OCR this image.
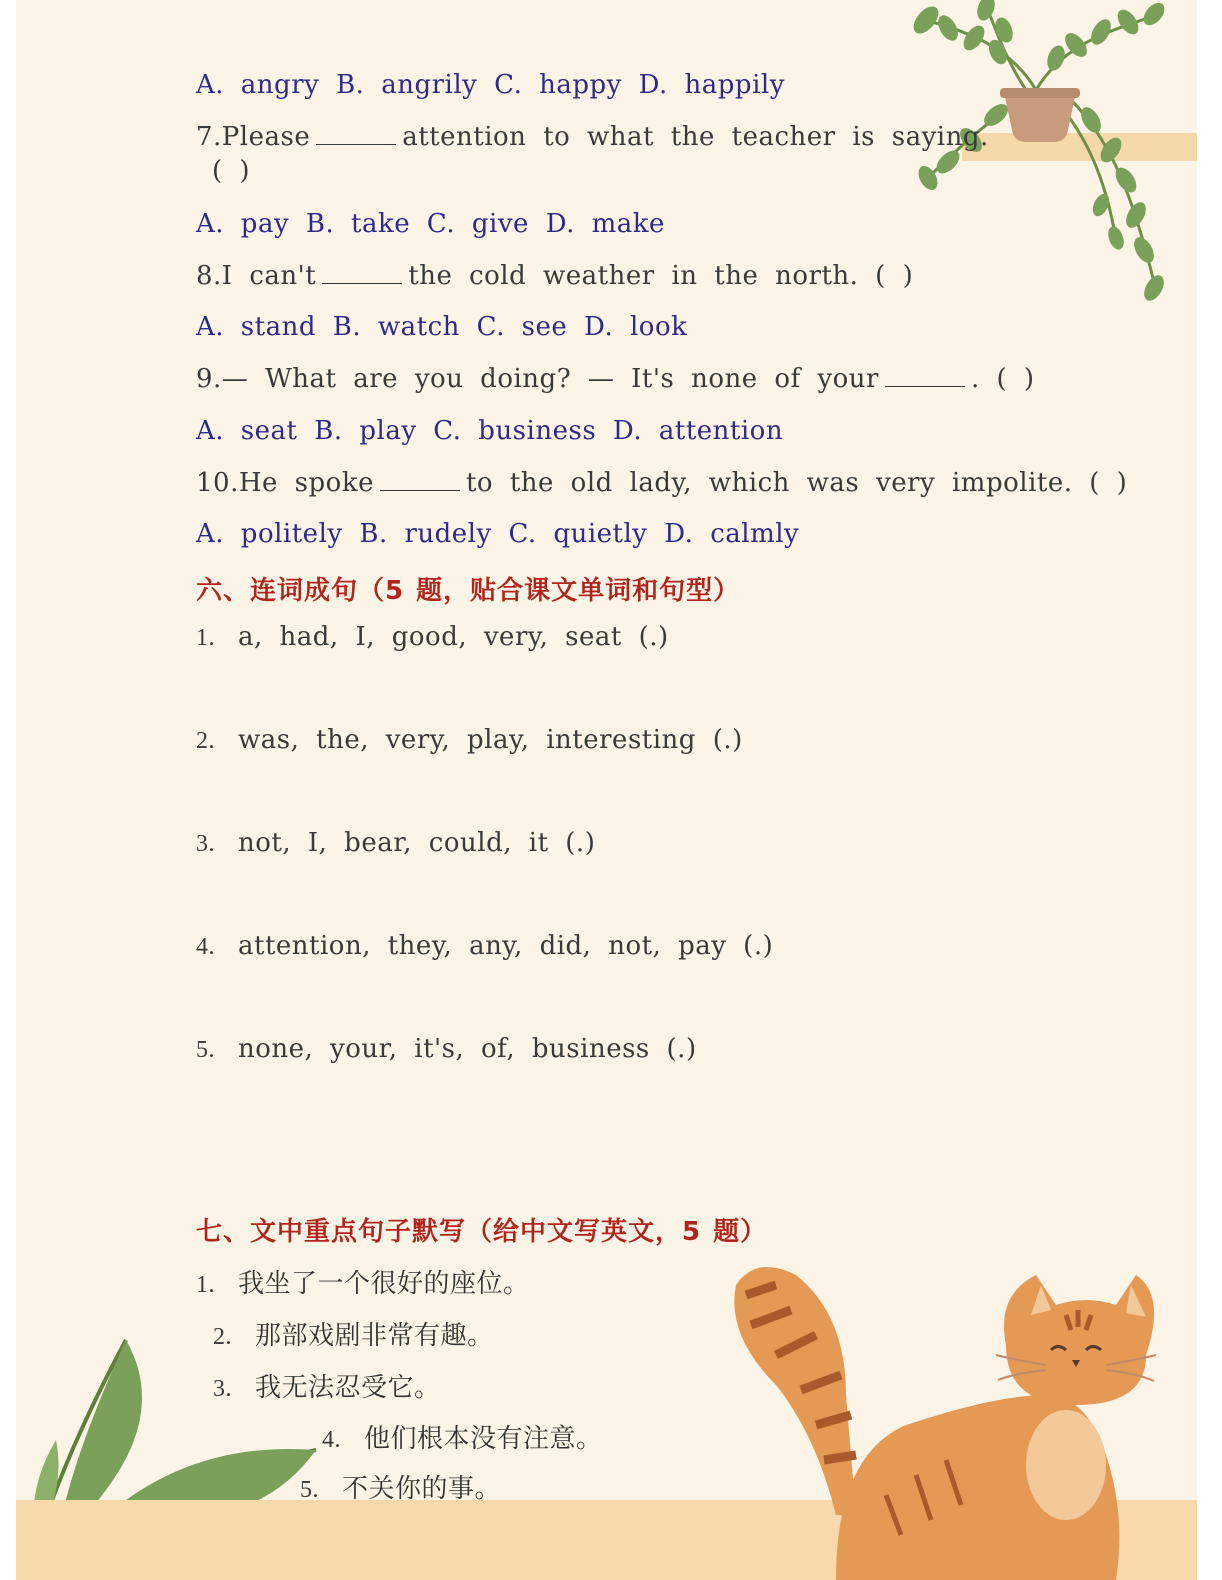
A. angry B. angrily C. happy D. happily
7.Please	attention to what the teacher is saying.
( )
A. pay B. take C. give D. make
8.I can't	the cold weather in the north. ( )
A. stand B. watch C. see D. look
9.— What are you doing? — It's none of your	. ( )
A. seat B. play C. business D. attention
10.He spoke	to the old lady, which was very impolite. ( )
A. politely B. rudely C. quietly D. calmly
六、连词成句（5 题，贴合课文单词和句型）
1. a, had, I, good, very, seat (.)
2. was, the, very, play, interesting (.)
3. not, I, bear, could, it (.)
4. attention, they, any, did, not, pay (.)
5. none, your, it's, of, business (.)
七、文中重点句子默写（给中文写英文，5 题）
1. 我坐了一个很好的座位。
2. 那部戏剧非常有趣。
3. 我无法忍受它。
4. 他们根本没有注意。
5. 不关你的事。
